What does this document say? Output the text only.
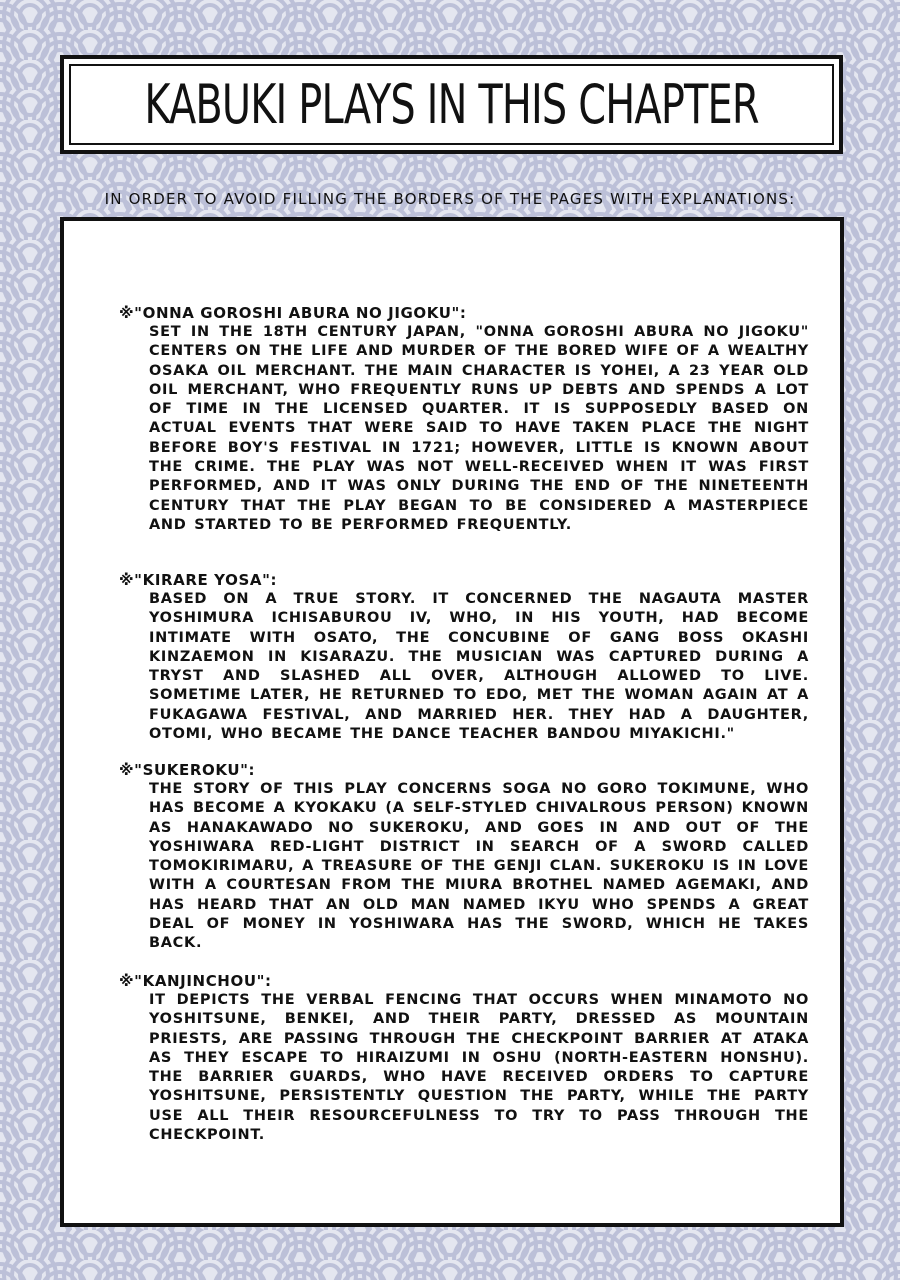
KABUKI PLAYS IN THIS CHAPTER
IN ORDER TO AVOID FILLING THE BORDERS OF THE PAGES WITH EXPLANATIONS:
※"ONNA GOROSHI ABURA NO JIGOKU":
SET IN THE 18TH CENTURY JAPAN, "ONNA GOROSHI ABURA NO JIGOKU" CENTERS ON THE LIFE AND MURDER OF THE BORED WIFE OF A WEALTHY OSAKA OIL MERCHANT. THE MAIN CHARACTER IS YOHEI, A 23 YEAR OLD OIL MERCHANT, WHO FREQUENTLY RUNS UP DEBTS AND SPENDS A LOT OF TIME IN THE LICENSED QUARTER. IT IS SUPPOSEDLY BASED ON ACTUAL EVENTS THAT WERE SAID TO HAVE TAKEN PLACE THE NIGHT BEFORE BOY'S FESTIVAL IN 1721; HOWEVER, LITTLE IS KNOWN ABOUT THE CRIME. THE PLAY WAS NOT WELL-RECEIVED WHEN IT WAS FIRST PERFORMED, AND IT WAS ONLY DURING THE END OF THE NINETEENTH CENTURY THAT THE PLAY BEGAN TO BE CONSIDERED A MASTERPIECE AND STARTED TO BE PERFORMED FREQUENTLY.
※"KIRARE YOSA":
BASED ON A TRUE STORY. IT CONCERNED THE NAGAUTA MASTER YOSHIMURA ICHISABUROU IV, WHO, IN HIS YOUTH, HAD BECOME INTIMATE WITH OSATO, THE CONCUBINE OF GANG BOSS OKASHI KINZAEMON IN KISARAZU. THE MUSICIAN WAS CAPTURED DURING A TRYST AND SLASHED ALL OVER, ALTHOUGH ALLOWED TO LIVE. SOMETIME LATER, HE RETURNED TO EDO, MET THE WOMAN AGAIN AT A FUKAGAWA FESTIVAL, AND MARRIED HER. THEY HAD A DAUGHTER, OTOMI, WHO BECAME THE DANCE TEACHER BANDOU MIYAKICHI."
※"SUKEROKU":
THE STORY OF THIS PLAY CONCERNS SOGA NO GORO TOKIMUNE, WHO HAS BECOME A KYOKAKU (A SELF-STYLED CHIVALROUS PERSON) KNOWN AS HANAKAWADO NO SUKEROKU, AND GOES IN AND OUT OF THE YOSHIWARA RED-LIGHT DISTRICT IN SEARCH OF A SWORD CALLED TOMOKIRIMARU, A TREASURE OF THE GENJI CLAN. SUKEROKU IS IN LOVE WITH A COURTESAN FROM THE MIURA BROTHEL NAMED AGEMAKI, AND HAS HEARD THAT AN OLD MAN NAMED IKYU WHO SPENDS A GREAT DEAL OF MONEY IN YOSHIWARA HAS THE SWORD, WHICH HE TAKES BACK.
※"KANJINCHOU":
IT DEPICTS THE VERBAL FENCING THAT OCCURS WHEN MINAMOTO NO YOSHITSUNE, BENKEI, AND THEIR PARTY, DRESSED AS MOUNTAIN PRIESTS, ARE PASSING THROUGH THE CHECKPOINT BARRIER AT ATAKA AS THEY ESCAPE TO HIRAIZUMI IN OSHU (NORTH-EASTERN HONSHU). THE BARRIER GUARDS, WHO HAVE RECEIVED ORDERS TO CAPTURE YOSHITSUNE, PERSISTENTLY QUESTION THE PARTY, WHILE THE PARTY USE ALL THEIR RESOURCEFULNESS TO TRY TO PASS THROUGH THE CHECKPOINT.
